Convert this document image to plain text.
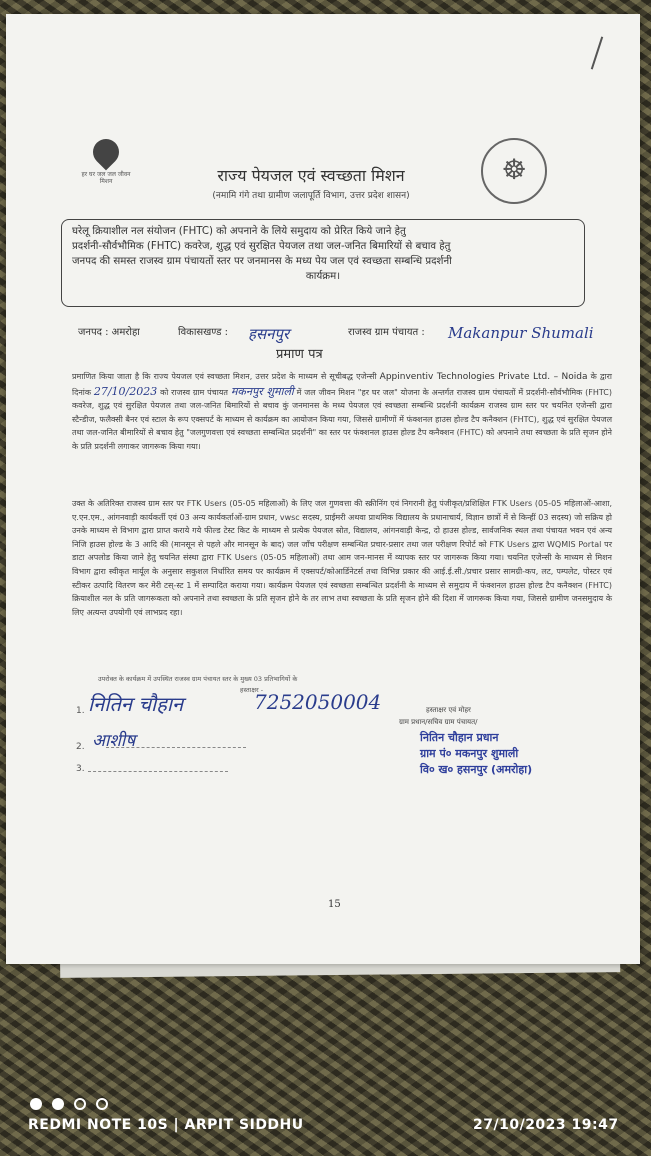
हर घर जल जल जीवन मिशन	राज्य पेयजल एवं स्वच्छता मिशन
(नमामि गंगे तथा ग्रामीण जलापूर्ति विभाग, उत्तर प्रदेश शासन)
☸
घरेलू क्रियाशील नल संयोजन (FHTC) को अपनाने के लिये समुदाय को प्रेरित किये जाने हेतु
प्रदर्शनी-सौर्वभौमिक (FHTC) कवरेज, शुद्ध एवं सुरक्षित पेयजल तथा जल-जनित बिमारियों से बचाव हेतु
जनपद की समस्त राजस्व ग्राम पंचायतों स्तर पर जनमानस के मध्य पेय जल एवं स्वच्छता सम्बन्धि प्रदर्शनी
कार्यक्रम।
जनपद : अमरोहा	विकासखण्ड : हसनपुर	राजस्व ग्राम पंचायत : Makanpur Shumali
प्रमाण पत्र
प्रमाणित किया जाता है कि राज्य पेयजल एवं स्वच्छता मिशन, उत्तर प्रदेश के माध्यम से सूचीबद्ध एजेन्सी Appinventiv Technologies Private Ltd. – Noida के द्वारा दिनांक 27/10/2023 को राजस्व ग्राम पंचायत मकनपुर शुमाली में जल जीवन मिशन "हर घर जल" योजना के अन्तर्गत राजस्व ग्राम पंचायतों में प्रदर्शनी-सौर्वभौमिक (FHTC) कवरेज, शुद्ध एवं सुरक्षित पेयजल तथा जल-जनित बिमारियों से बचाव कुं जनमानस के मध्य पेयजल एवं स्वच्छता सम्बन्धि प्रदर्शनी कार्यक्रम राजस्व ग्राम स्तर पर चयनित एजेन्सी द्वारा स्टैन्डीज, फलैक्सी बैनर एवं स्टाल के रूप एक्सपर्ट के माध्यम से कार्यक्रम का आयोजन किया गया, जिससे ग्रामीणों में फंक्शनल हाउस होल्ड टैप कनैक्शन (FHTC), शुद्ध एवं सुरक्षित पेयजल तथा जल-जनित बीमारियों से बचाव हेतु "जलगुणवत्ता एवं स्वच्छता सम्बन्धित प्रदर्शनी" का स्तर पर फंक्शनल हाउस होल्ड टैप कनैक्शन (FHTC) को अपनाने तथा स्वच्छता के प्रति सृजन होने के प्रति प्रदर्शनी लगाकर जागरूक किया गया।
उक्त के अतिरिक्त राजस्व ग्राम स्तर पर FTK Users (05-05 महिलाओं) के लिए जल गुणवत्ता की स्क्रीनिंग एवं निगरानी हेतु पंजीकृत/प्रशिक्षित FTK Users (05-05 महिलाओं-आशा, ए.एन.एम., आंगनवाड़ी कार्यकर्ती एवं 03 अन्य कार्यकर्ताओं-ग्राम प्रधान, vwsc सदस्य, प्राईमरी अथवा प्राथमिक विद्यालय के प्रधानाचार्य, विज्ञान छात्रों में से किन्हीं 03 सदस्य) जो सक्रिय हो उनके माध्यम से विभाग द्वारा प्राप्त कराये गये फील्ड टेस्ट किट के माध्यम से प्रत्येक पेयजल स्रोत, विद्यालय, आंगनवाड़ी केन्द्र, दो हाउस होल्ड, सार्वजनिक स्थल तथा पंचायत भवन एवं अन्य निजि हाउस होल्ड के 3 आदि की (मानसून से पहले और मानसून के बाद) जल जाँच परीक्षण सम्बन्धित प्रचार-प्रसार तथा जल परीक्षण रिपोर्ट को FTK Users द्वारा WQMIS Portal पर डाटा अपलोड किया जाने हेतु चयनित संस्था द्वारा FTK Users (05-05 महिलाओं) तथा आम जन-मानस में व्यापक स्तर पर जागरूक किया गया। चयनित एजेन्सी के माध्यम से मिशन विभाग द्वारा स्वीकृत मार्यूल के अनुसार सकुशल निर्धारित समय पर कार्यक्रम में एक्सपर्ट/कोआर्डिनेटर्स तथा विभिन्न प्रकार की आई.ई.सी./प्रचार प्रसार सामग्री-कप, लट, पम्पलेट, पोस्टर एवं स्टीकर उत्पादि वितरण कर मेरी टस्-स्ट 1 में सम्पादित कराया गया। कार्यक्रम पेयजल एवं स्वच्छता सम्बन्धित प्रदर्शनी के माध्यम से समुदाय में फंक्शनल हाउस होल्ड टैप कनैक्शन (FHTC) क्रियाशील नल के प्रति जागरूकता को अपनाने तथा स्वच्छता के प्रति सृजन होने के तर लाभ तथा स्वच्छता के प्रति सृजन होने की दिशा में जागरूक किया गया, जिससे ग्रामीण जनसमुदाय के लिए अत्यन्त उपयोगी एवं लाभप्रद रहा।
उपरोक्त के कार्यक्रम में उपस्थित राजस्व ग्राम पंचायत स्तर के मुख्य 03 प्रतिभागियों के
हस्ताक्षर -
1. नितिन चौहान	7252050004
2. आशीष
3.
हस्ताक्षर एवं मोहर
ग्राम प्रधान/सचिव ग्राम पंचायत/
नितिन चौहान प्रधान
ग्राम पं० मकनपुर शुमाली
वि० ख० हसनपुर (अमरोहा)
15

REDMI NOTE 10S | ARPIT SIDDHU	27/10/2023 19:47
